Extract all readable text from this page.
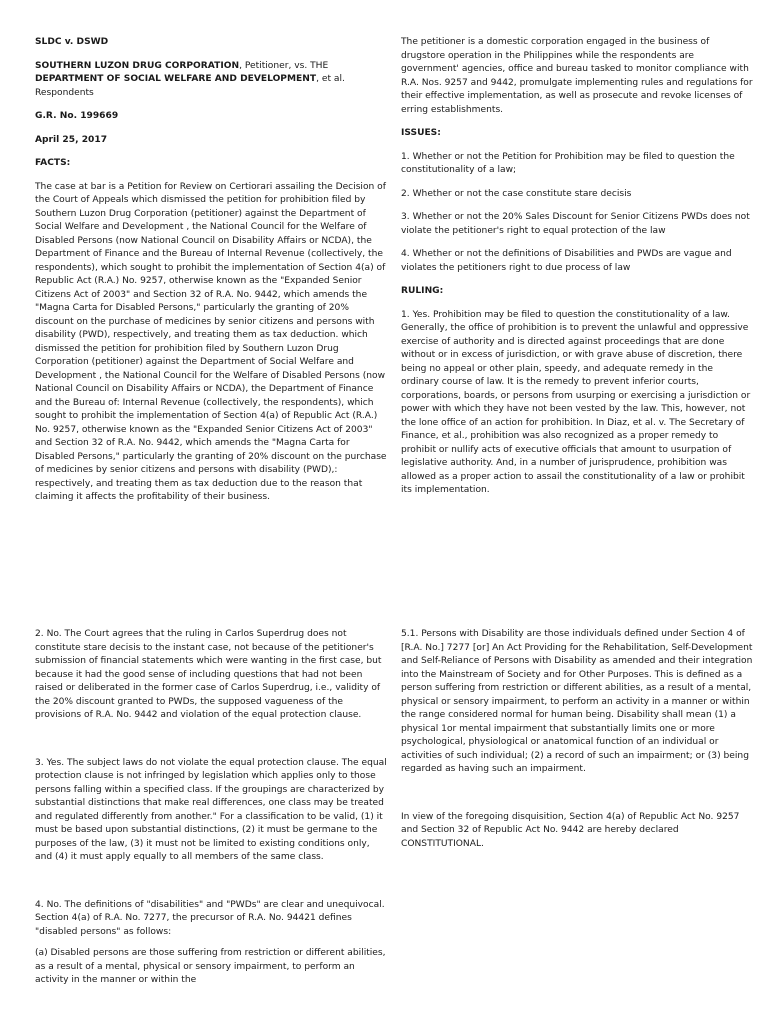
SLDC v. DSWD

SOUTHERN LUZON DRUG CORPORATION, Petitioner, vs. THE
DEPARTMENT OF SOCIAL WELFARE AND DEVELOPMENT, et al. Respondents

G.R. No. 199669

April 25, 2017

FACTS:

The case at bar is a Petition for Review on Certiorari assailing the Decision of the Court of Appeals which dismissed the petition for prohibition filed by Southern Luzon Drug Corporation (petitioner) against the Department of Social Welfare and Development , the National Council for the Welfare of Disabled Persons (now National Council on Disability Affairs or NCDA), the Department of Finance and the Bureau of Internal Revenue (collectively, the respondents), which sought to prohibit the implementation of Section 4(a) of Republic Act (R.A.) No. 9257, otherwise known as the "Expanded Senior Citizens Act of 2003" and Section 32 of R.A. No. 9442, which amends the "Magna Carta for Disabled Persons," particularly the granting of 20% discount on the purchase of medicines by senior citizens and persons with disability (PWD), respectively, and treating them as tax deduction. which dismissed the petition for prohibition filed by Southern Luzon Drug Corporation (petitioner) against the Department of Social Welfare and Development , the National Council for the Welfare of Disabled Persons (now National Council on Disability Affairs or NCDA), the Department of Finance and the Bureau of: Internal Revenue (collectively, the respondents), which sought to prohibit the implementation of Section 4(a) of Republic Act (R.A.) No. 9257, otherwise known as the "Expanded Senior Citizens Act of 2003" and Section 32 of R.A. No. 9442, which amends the "Magna Carta for Disabled Persons," particularly the granting of 20% discount on the purchase of medicines by senior citizens and persons with disability (PWD),: respectively, and treating them as tax deduction due to the reason that claiming it affects the profitability of their business.

The petitioner is a domestic corporation engaged in the business of drugstore operation in the Philippines while the respondents are government' agencies, office and bureau tasked to monitor compliance with R.A. Nos. 9257 and 9442, promulgate implementing rules and regulations for their effective implementation, as well as prosecute and revoke licenses of erring establishments.

ISSUES:

1. Whether or not the Petition for Prohibition may be filed to question the constitutionality of a law;

2. Whether or not the case constitute stare decisis

3. Whether or not the 20% Sales Discount for Senior Citizens PWDs does not violate the petitioner's right to equal protection of the law

4. Whether or not the definitions of Disabilities and PWDs are vague and violates the petitioners right to due process of law

RULING:

1. Yes. Prohibition may be filed to question the constitutionality of a law. Generally, the office of prohibition is to prevent the unlawful and oppressive exercise of authority and is directed against proceedings that are done without or in excess of jurisdiction, or with grave abuse of discretion, there being no appeal or other plain, speedy, and adequate remedy in the ordinary course of law. It is the remedy to prevent inferior courts, corporations, boards, or persons from usurping or exercising a jurisdiction or power with which they have not been vested by the law. This, however, not the lone office of an action for prohibition. In Diaz, et al. v. The Secretary of Finance, et al., prohibition was also recognized as a proper remedy to prohibit or nullify acts of executive officials that amount to usurpation of legislative authority. And, in a number of jurisprudence, prohibition was allowed as a proper action to assail the constitutionality of a law or prohibit its implementation.

2. No. The Court agrees that the ruling in Carlos Superdrug does not constitute stare decisis to the instant case, not because of the petitioner's submission of financial statements which were wanting in the first case, but because it had the good sense of including questions that had not been raised or deliberated in the former case of Carlos Superdrug, i.e., validity of the 20% discount granted to PWDs, the supposed vagueness of the provisions of R.A. No. 9442 and violation of the equal protection clause.

3. Yes. The subject laws do not violate the equal protection clause. The equal protection clause is not infringed by legislation which applies only to those persons falling within a specified class. If the groupings are characterized by substantial distinctions that make real differences, one class may be treated and regulated differently from another." For a classification to be valid, (1) it must be based upon substantial distinctions, (2) it must be germane to the purposes of the law, (3) it must not be limited to existing conditions only, and (4) it must apply equally to all members of the same class.

4. No. The definitions of "disabilities" and "PWDs" are clear and unequivocal. Section 4(a) of R.A. No. 7277, the precursor of R.A. No. 94421 defines "disabled persons" as follows:

(a) Disabled persons are those suffering from restriction or different abilities, as a result of a mental, physical or sensory impairment, to perform an activity in the manner or within the

5.1. Persons with Disability are those individuals defined under Section 4 of [R.A. No.] 7277 [or] An Act Providing for the Rehabilitation, Self-Development and Self-Reliance of Persons with Disability as amended and their integration into the Mainstream of Society and for Other Purposes. This is defined as a person suffering from restriction or different abilities, as a result of a mental, physical or sensory impairment, to perform an activity in a manner or within the range considered normal for human being. Disability shall mean (1) a physical 1or mental impairment that substantially limits one or more psychological, physiological or anatomical function of an individual or activities of such individual; (2) a record of such an impairment; or (3) being regarded as having such an impairment.

In view of the foregoing disquisition, Section 4(a) of Republic Act No. 9257 and Section 32 of Republic Act No. 9442 are hereby declared CONSTITUTIONAL.
